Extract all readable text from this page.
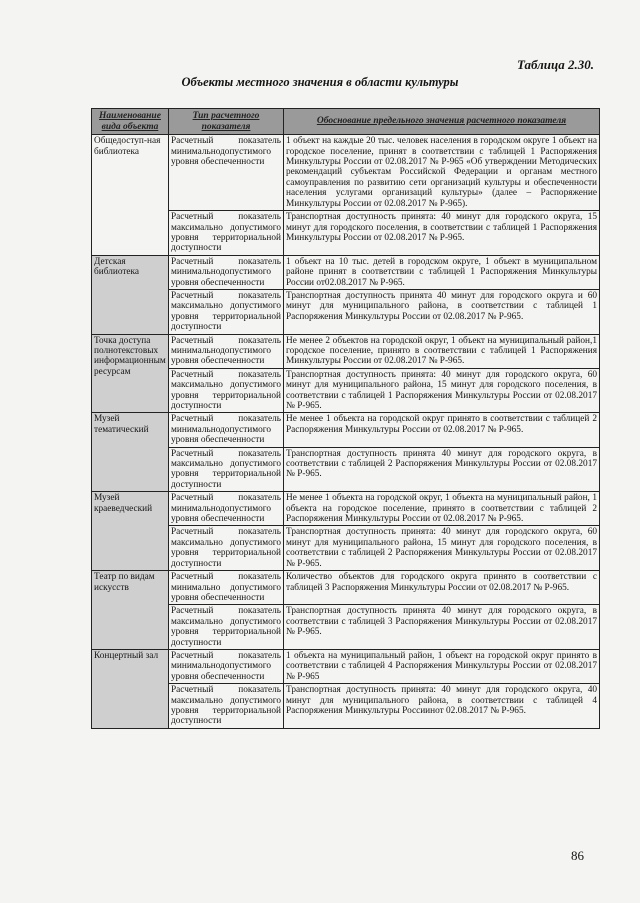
Таблица 2.30.
Объекты местного значения в области культуры
Наименование вида объекта	Тип расчетного показателя	Обоснование предельного значения расчетного показателя
Общедоступ-ная библиотека	Расчетный показатель минимальнодопустимого уровня обеспеченности	1 объект на каждые 20 тыс. человек населения в городском округе 1 объект на городское поселение, принят в соответствии с таблицей 1 Распоряжения Минкультуры России от 02.08.2017 № Р-965 «Об утверждении Методических рекомендаций субъектам Российской Федерации и органам местного самоуправления по развитию сети организаций культуры и обеспеченности населения услугами организаций культуры» (далее – Распоряжение Минкультуры России от 02.08.2017 № Р-965).
	Расчетный показатель максимально допустимого уровня территориальной доступности	Транспортная доступность принята: 40 минут для городского округа, 15 минут для городского поселения, в соответствии с таблицей 1 Распоряжения Минкультуры России от 02.08.2017 № Р-965.
Детская библиотека	Расчетный показатель минимальнодопустимого уровня обеспеченности	1 объект на 10 тыс. детей в городском округе, 1 объект в муниципальном районе принят в соответствии с таблицей 1 Распоряжения Минкультуры России от02.08.2017 № Р-965.
	Расчетный показатель максимально допустимого уровня территориальной доступности	Транспортная доступность принята 40 минут для городского округа и 60 минут для муниципального района, в соответствии с таблицей 1 Распоряжения Минкультуры России от 02.08.2017 № Р-965.
Точка доступа полнотекстовых информационным ресурсам	Расчетный показатель минимальнодопустимого уровня обеспеченности	Не менее 2 объектов на городской округ, 1 объект на муниципальный район,1 городское поселение, принято в соответствии с таблицей 1 Распоряжения Минкультуры России от 02.08.2017 № Р-965.
	Расчетный показатель максимально допустимого уровня территориальной доступности	Транспортная доступность принята: 40 минут для городского округа, 60 минут для муниципального района, 15 минут для городского поселения, в соответствии с таблицей 1 Распоряжения Минкультуры России от 02.08.2017 № Р-965.
Музей тематический	Расчетный показатель минимальнодопустимого уровня обеспеченности	Не менее 1 объекта на городской округ принято в соответствии с таблицей 2 Распоряжения Минкультуры России от 02.08.2017 № Р-965.
	Расчетный показатель максимально допустимого уровня территориальной доступности	Транспортная доступность принята 40 минут для городского округа, в соответствии с таблицей 2 Распоряжения Минкультуры России от 02.08.2017 № Р-965.
Музей краеведческий	Расчетный показатель минимальнодопустимого уровня обеспеченности	Не менее 1 объекта на городской округ, 1 объекта на муниципальный район, 1 объекта на городское поселение, принято в соответствии с таблицей 2 Распоряжения Минкультуры России от 02.08.2017 № Р-965.
	Расчетный показатель максимально допустимого уровня территориальной доступности	Транспортная доступность принята: 40 минут для городского округа, 60 минут для муниципального района, 15 минут для городского поселения, в соответствии с таблицей 2 Распоряжения Минкультуры России от 02.08.2017 № Р-965.
Театр по видам искусств	Расчетный показатель минимально допустимого уровня обеспеченности	Количество объектов для городского округа принято в соответствии с таблицей 3 Распоряжения Минкультуры России от 02.08.2017 № Р-965.
	Расчетный показатель максимально допустимого уровня территориальной доступности	Транспортная доступность принята 40 минут для городского округа, в соответствии с таблицей 3 Распоряжения Минкультуры России от 02.08.2017 № Р-965.
Концертный зал	Расчетный показатель минимальнодопустимого уровня обеспеченности	1 объекта на муниципальный район, 1 объект на городской округ принято в соответствии с таблицей 4 Распоряжения Минкультуры России от 02.08.2017 № Р-965
	Расчетный показатель максимально допустимого уровня территориальной доступности	Транспортная доступность принята: 40 минут для городского округа, 40 минут для муниципального района, в соответствии с таблицей 4 Распоряжения Минкультуры Россиинот 02.08.2017 № Р-965.
86
